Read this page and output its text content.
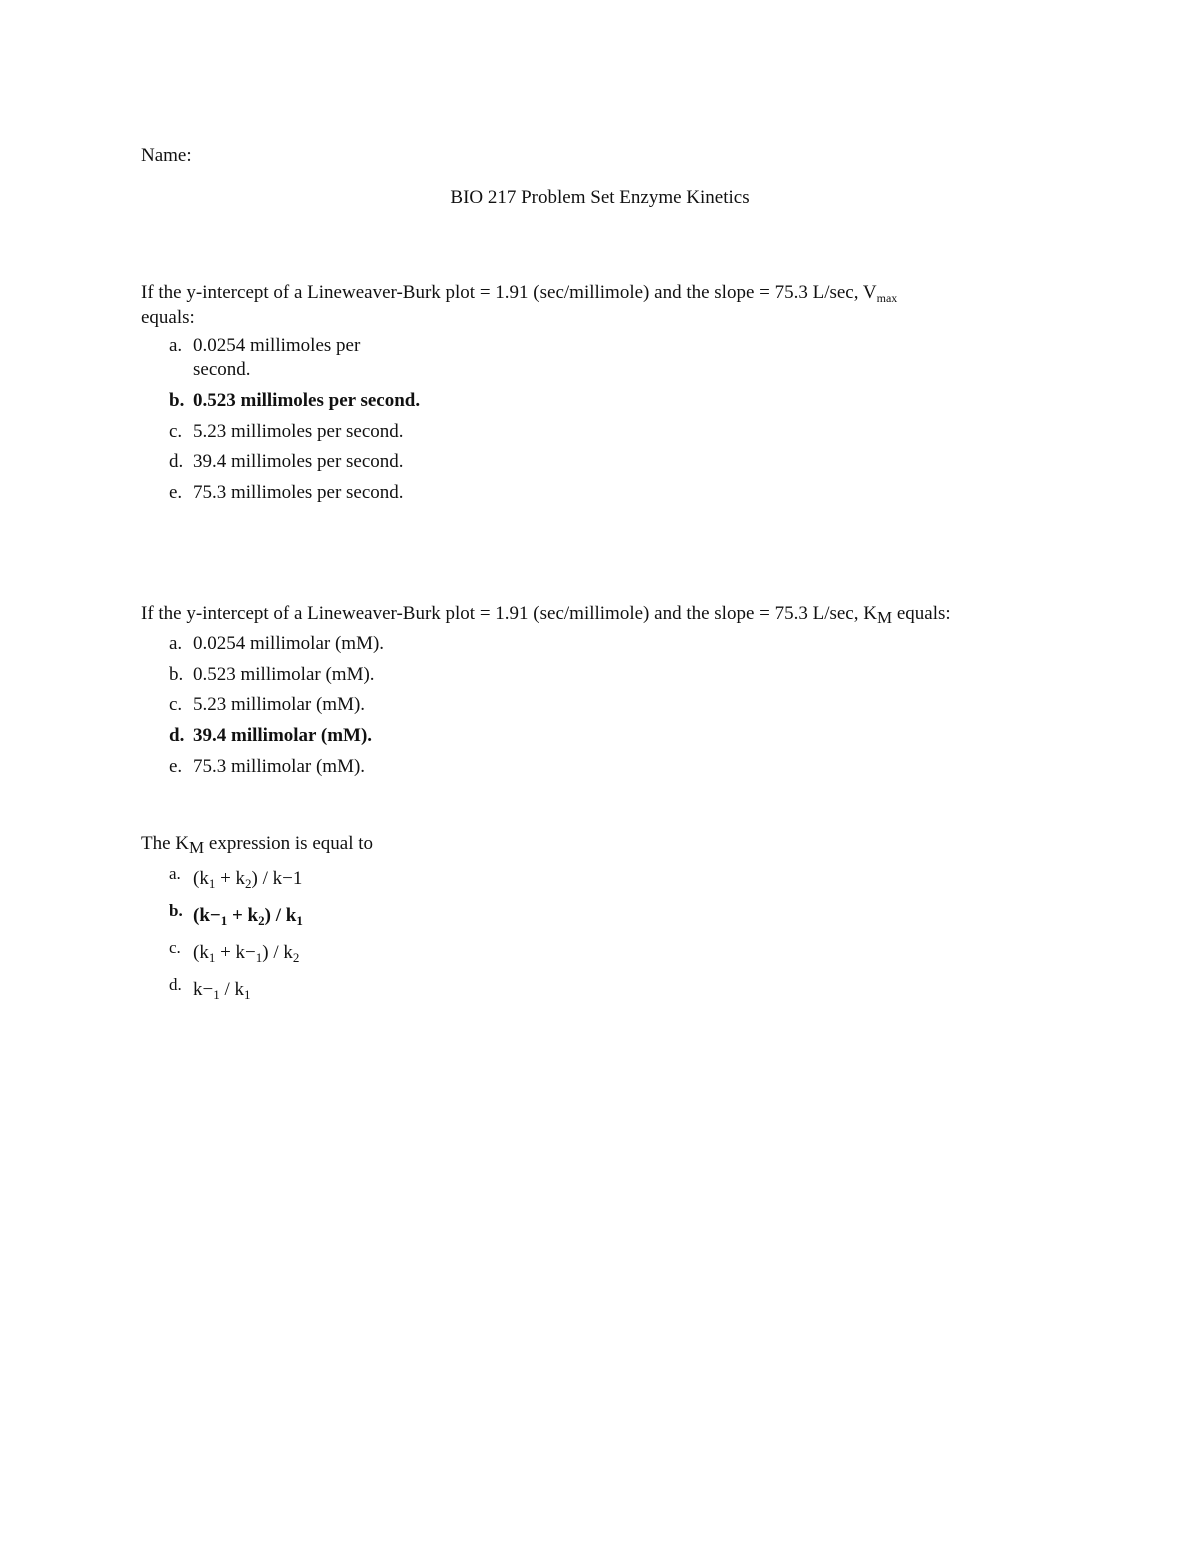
Name:
BIO 217 Problem Set Enzyme Kinetics
If the y-intercept of a Lineweaver-Burk plot = 1.91 (sec/millimole) and the slope = 75.3 L/sec, $V_{max}$
equals:
a. 0.0254 millimoles per
second.
b. 0.523 millimoles per second.
c. 5.23 millimoles per second.
d. 39.4 millimoles per second.
e. 75.3 millimoles per second.
If the y-intercept of a Lineweaver-Burk plot = 1.91 (sec/millimole) and the slope = 75.3 L/sec, $K_M$ equals:
a. 0.0254 millimolar (mM).
b. 0.523 millimolar (mM).
c. 5.23 millimolar (mM).
d. 39.4 millimolar (mM).
e. 75.3 millimolar (mM).
The $K_M$ expression is equal to
a. $(k_1 + k_2) / k-1$
b. $(k-_1 + k_2) / k_1$
c. $(k_1 + k-_1) / k_2$
d. $k-_1 / k_1$
